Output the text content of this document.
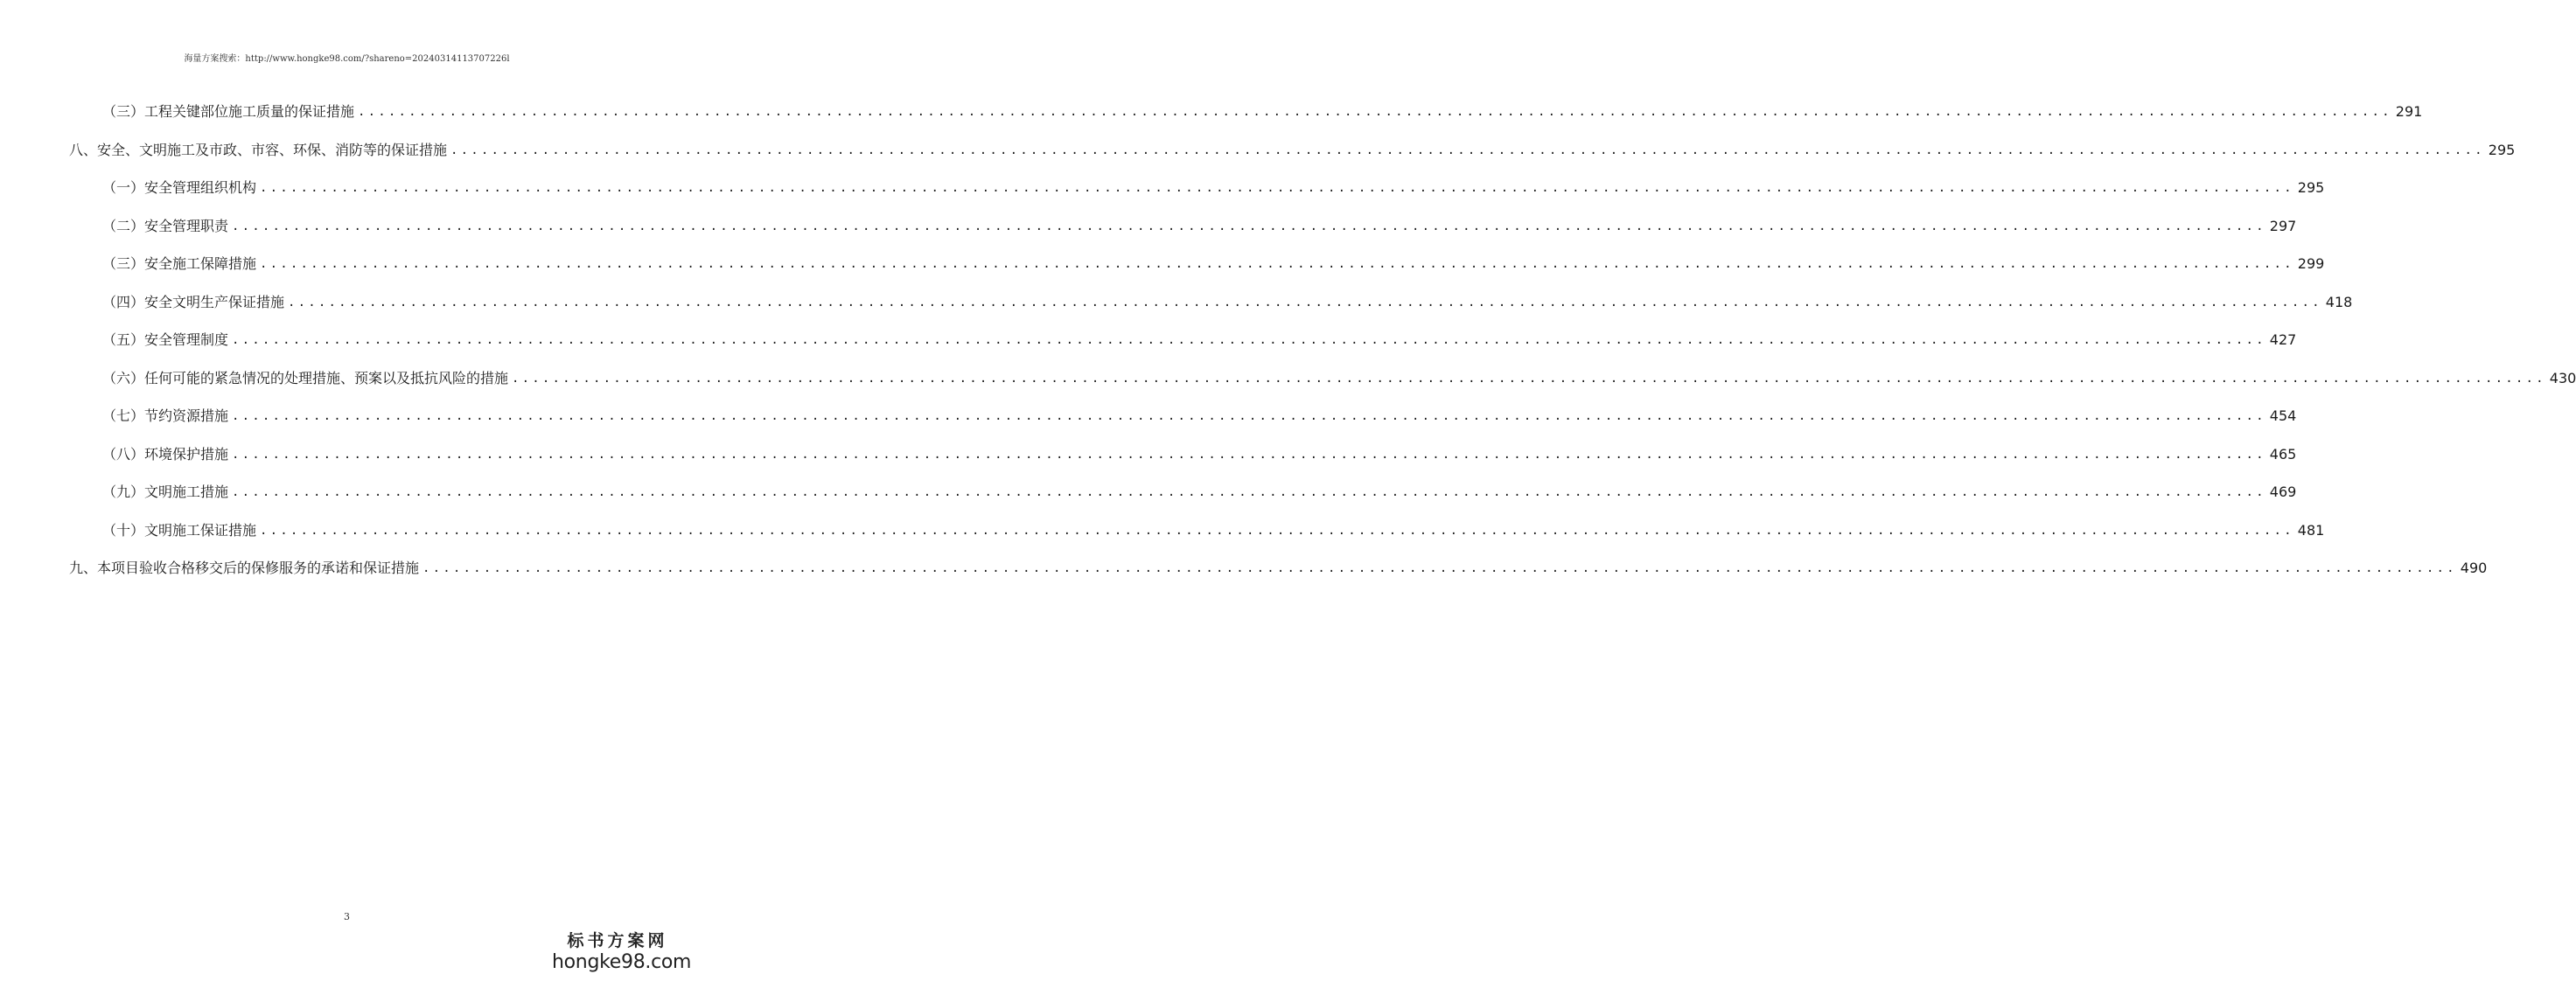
海量方案搜索：http://www.hongke98.com/?shareno=20240314113707226l
（三）工程关键部位施工质量的保证措施 ........................................................................................................................................................................................................ 291
八、安全、文明施工及市政、市容、环保、消防等的保证措施 ........................................................................................................................................................................................................ 295
（一）安全管理组织机构 ........................................................................................................................................................................................................ 295
（二）安全管理职责 ........................................................................................................................................................................................................ 297
（三）安全施工保障措施 ........................................................................................................................................................................................................ 299
（四）安全文明生产保证措施 ........................................................................................................................................................................................................ 418
（五）安全管理制度 ........................................................................................................................................................................................................ 427
（六）任何可能的紧急情况的处理措施、预案以及抵抗风险的措施 ........................................................................................................................................................................................................ 430
（七）节约资源措施 ........................................................................................................................................................................................................ 454
（八）环境保护措施 ........................................................................................................................................................................................................ 465
（九）文明施工措施 ........................................................................................................................................................................................................ 469
（十）文明施工保证措施 ........................................................................................................................................................................................................ 481
九、本项目验收合格移交后的保修服务的承诺和保证措施 ........................................................................................................................................................................................................ 490
3
标书方案网
hongke98.com
